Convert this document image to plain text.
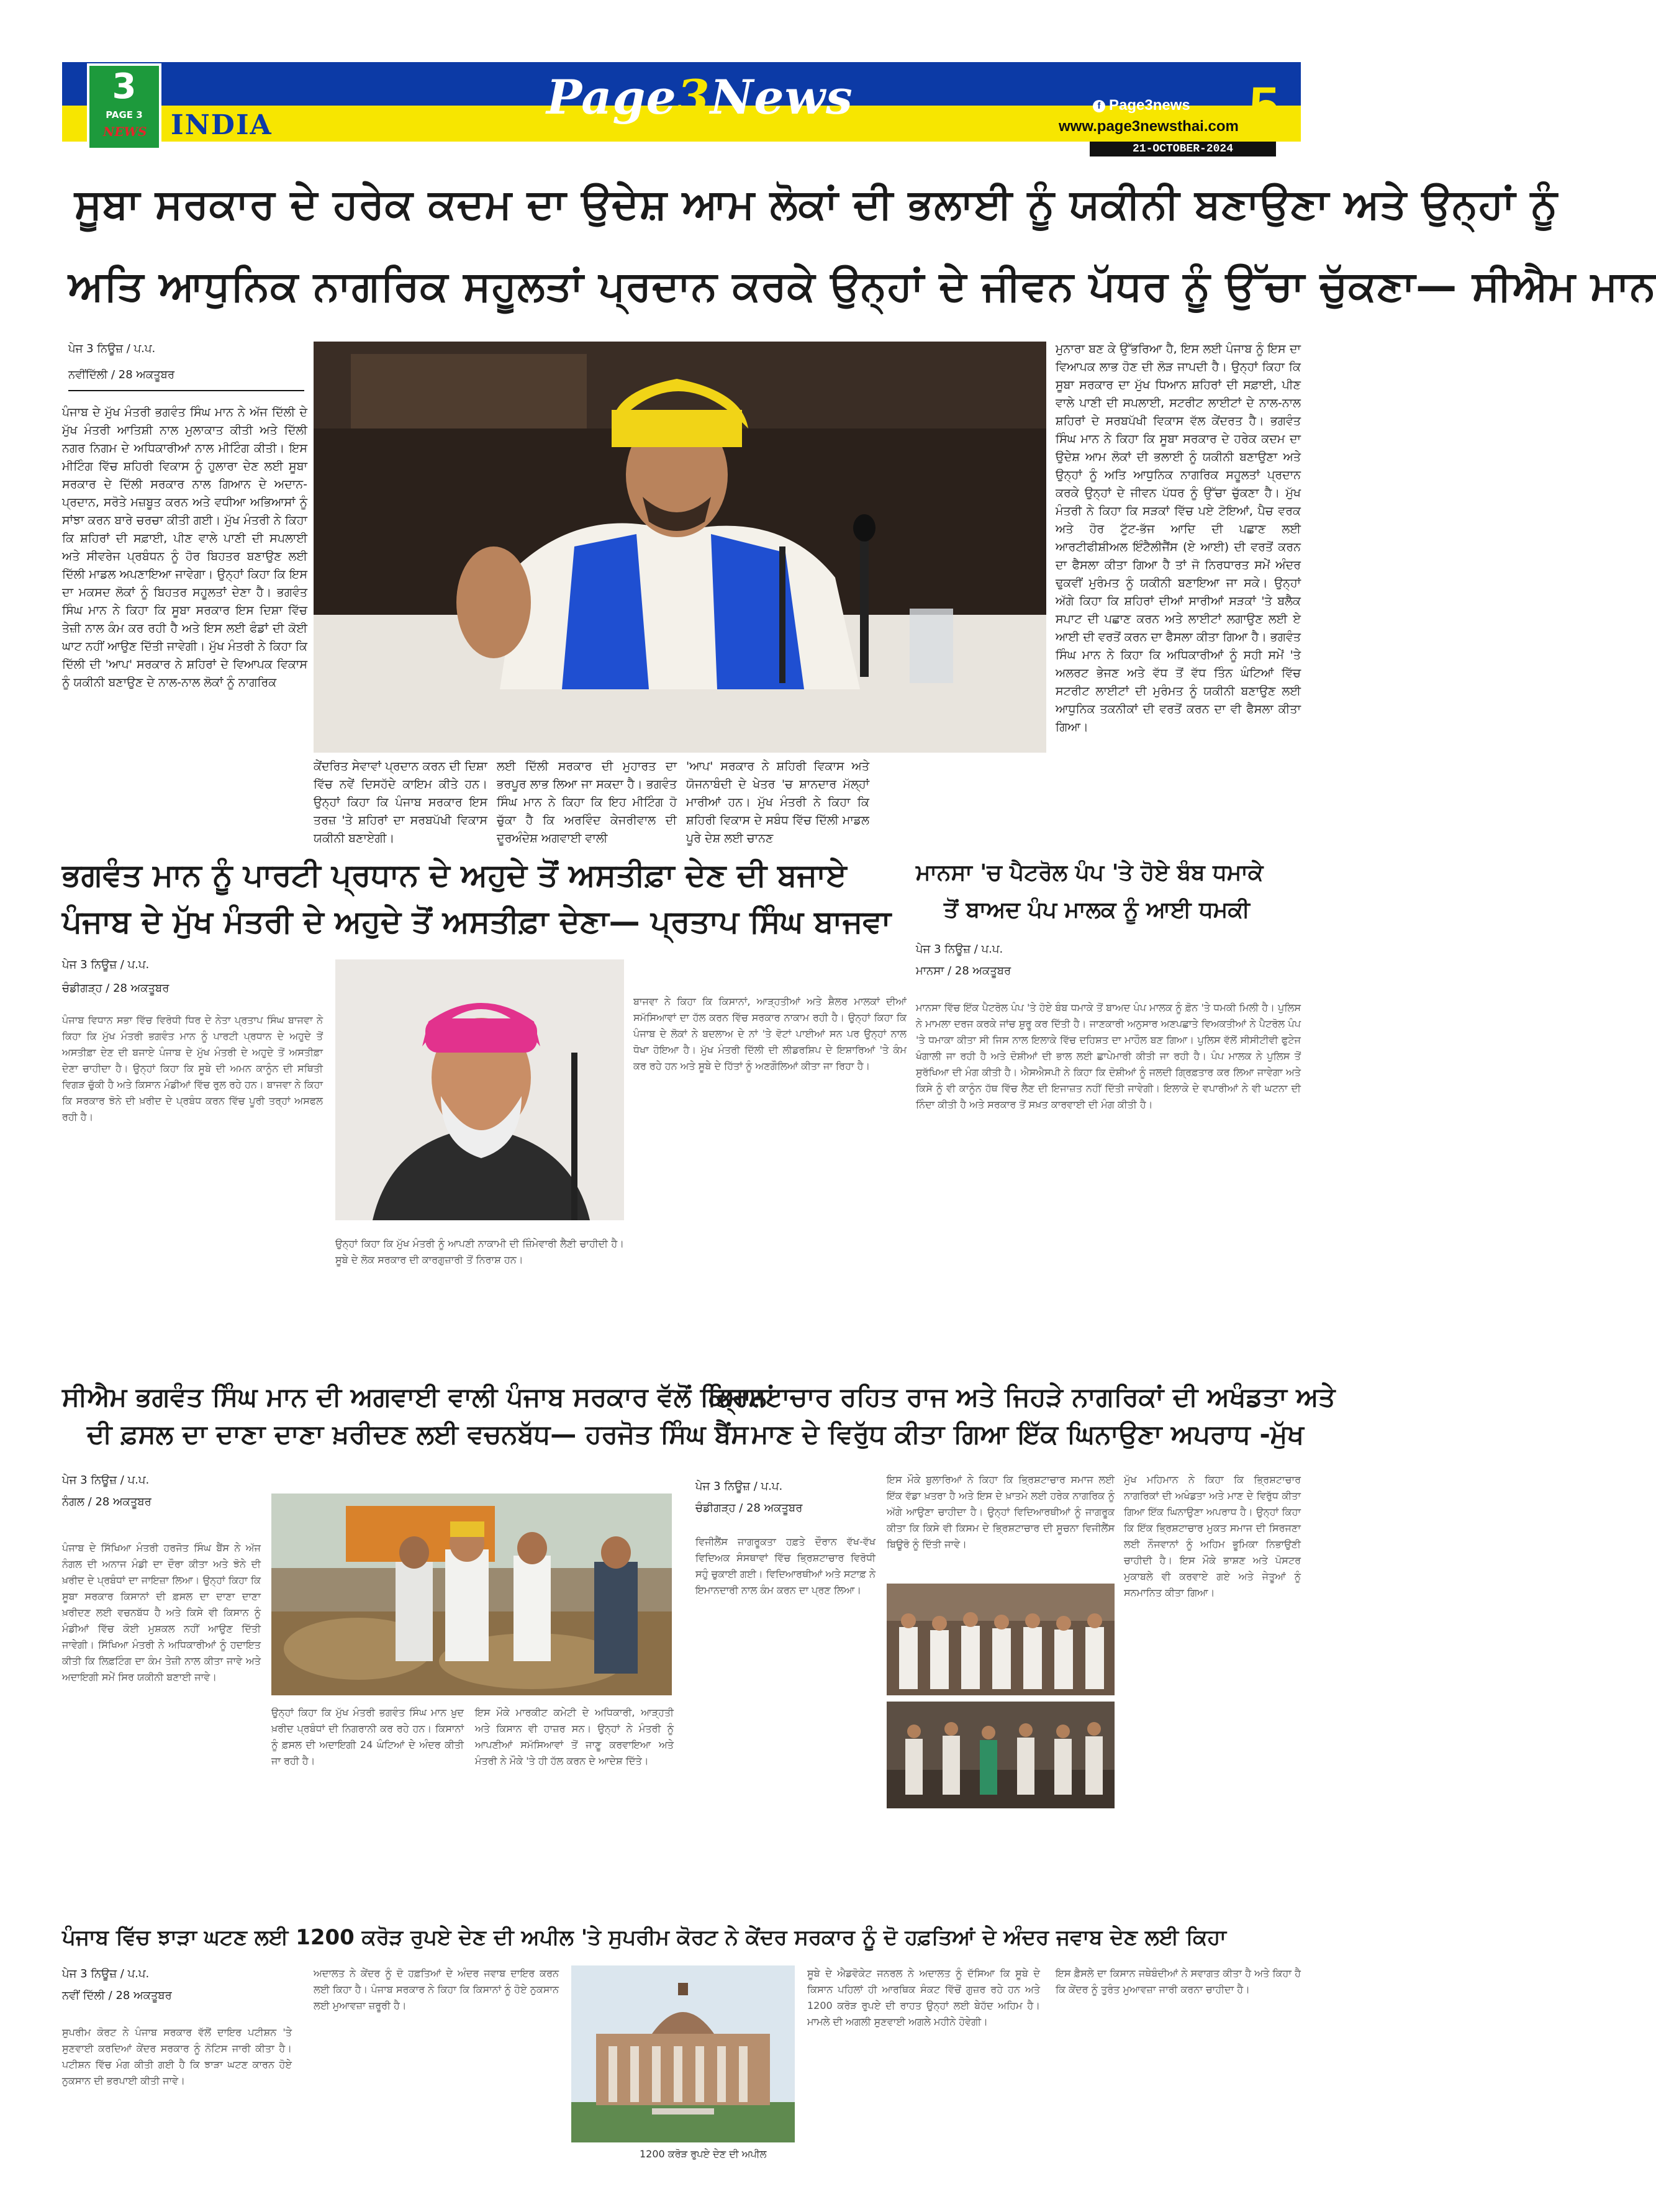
3
PAGE 3
NEWS INDIA
Page3News	f Page3news
www.page3newsthai.com 5
21-OCTOBER-2024
ਸੂਬਾ ਸਰਕਾਰ ਦੇ ਹਰੇਕ ਕਦਮ ਦਾ ਉਦੇਸ਼ ਆਮ ਲੋਕਾਂ ਦੀ ਭਲਾਈ ਨੂੰ ਯਕੀਨੀ ਬਣਾਉਣਾ ਅਤੇ ਉਨ੍ਹਾਂ ਨੂੰ
ਅਤਿ ਆਧੁਨਿਕ ਨਾਗਰਿਕ ਸਹੂਲਤਾਂ ਪ੍ਰਦਾਨ ਕਰਕੇ ਉਨ੍ਹਾਂ ਦੇ ਜੀਵਨ ਪੱਧਰ ਨੂੰ ਉੱਚਾ ਚੁੱਕਣਾ— ਸੀਐਮ ਮਾਨ
ਪੇਜ 3 ਨਿਊਜ਼ / ਪ.ਪ.
ਨਵੀਂਦਿੱਲੀ / 28 ਅਕਤੂਬਰ
ਪੰਜਾਬ ਦੇ ਮੁੱਖ ਮੰਤਰੀ ਭਗਵੰਤ ਸਿੰਘ ਮਾਨ ਨੇ ਅੱਜ ਦਿੱਲੀ ਦੇ ਮੁੱਖ ਮੰਤਰੀ ਆਤਿਸ਼ੀ ਨਾਲ ਮੁਲਾਕਾਤ ਕੀਤੀ ਅਤੇ ਦਿੱਲੀ ਨਗਰ ਨਿਗਮ ਦੇ ਅਧਿਕਾਰੀਆਂ ਨਾਲ ਮੀਟਿੰਗ ਕੀਤੀ। ਇਸ ਮੀਟਿੰਗ ਵਿੱਚ ਸ਼ਹਿਰੀ ਵਿਕਾਸ ਨੂੰ ਹੁਲਾਰਾ ਦੇਣ ਲਈ ਸੂਬਾ ਸਰਕਾਰ ਦੇ ਦਿੱਲੀ ਸਰਕਾਰ ਨਾਲ ਗਿਆਨ ਦੇ ਅਦਾਨ-ਪ੍ਰਦਾਨ, ਸਰੋਤੇ ਮਜ਼ਬੂਤ ਕਰਨ ਅਤੇ ਵਧੀਆ ਅਭਿਆਸਾਂ ਨੂੰ ਸਾਂਝਾ ਕਰਨ ਬਾਰੇ ਚਰਚਾ ਕੀਤੀ ਗਈ। ਮੁੱਖ ਮੰਤਰੀ ਨੇ ਕਿਹਾ ਕਿ ਸ਼ਹਿਰਾਂ ਦੀ ਸਫ਼ਾਈ, ਪੀਣ ਵਾਲੇ ਪਾਣੀ ਦੀ ਸਪਲਾਈ ਅਤੇ ਸੀਵਰੇਜ ਪ੍ਰਬੰਧਨ ਨੂੰ ਹੋਰ ਬਿਹਤਰ ਬਣਾਉਣ ਲਈ ਦਿੱਲੀ ਮਾਡਲ ਅਪਣਾਇਆ ਜਾਵੇਗਾ। ਉਨ੍ਹਾਂ ਕਿਹਾ ਕਿ ਇਸ ਦਾ ਮਕਸਦ ਲੋਕਾਂ ਨੂੰ ਬਿਹਤਰ ਸਹੂਲਤਾਂ ਦੇਣਾ ਹੈ। ਭਗਵੰਤ ਸਿੰਘ ਮਾਨ ਨੇ ਕਿਹਾ ਕਿ ਸੂਬਾ ਸਰਕਾਰ ਇਸ ਦਿਸ਼ਾ ਵਿੱਚ ਤੇਜ਼ੀ ਨਾਲ ਕੰਮ ਕਰ ਰਹੀ ਹੈ ਅਤੇ ਇਸ ਲਈ ਫੰਡਾਂ ਦੀ ਕੋਈ ਘਾਟ ਨਹੀਂ ਆਉਣ ਦਿੱਤੀ ਜਾਵੇਗੀ। ਮੁੱਖ ਮੰਤਰੀ ਨੇ ਕਿਹਾ ਕਿ ਦਿੱਲੀ ਦੀ 'ਆਪ' ਸਰਕਾਰ ਨੇ ਸ਼ਹਿਰਾਂ ਦੇ ਵਿਆਪਕ ਵਿਕਾਸ ਨੂੰ ਯਕੀਨੀ ਬਣਾਉਣ ਦੇ ਨਾਲ-ਨਾਲ ਲੋਕਾਂ ਨੂੰ ਨਾਗਰਿਕ
ਕੇਂਦਰਿਤ ਸੇਵਾਵਾਂ ਪ੍ਰਦਾਨ ਕਰਨ ਦੀ ਦਿਸ਼ਾ ਵਿੱਚ ਨਵੇਂ ਦਿਸਹੱਦੇ ਕਾਇਮ ਕੀਤੇ ਹਨ। ਉਨ੍ਹਾਂ ਕਿਹਾ ਕਿ ਪੰਜਾਬ ਸਰਕਾਰ ਇਸ ਤਰਜ਼ 'ਤੇ ਸ਼ਹਿਰਾਂ ਦਾ ਸਰਬਪੱਖੀ ਵਿਕਾਸ ਯਕੀਨੀ ਬਣਾਏਗੀ।
ਲਈ ਦਿੱਲੀ ਸਰਕਾਰ ਦੀ ਮੁਹਾਰਤ ਦਾ ਭਰਪੂਰ ਲਾਭ ਲਿਆ ਜਾ ਸਕਦਾ ਹੈ। ਭਗਵੰਤ ਸਿੰਘ ਮਾਨ ਨੇ ਕਿਹਾ ਕਿ ਇਹ ਮੀਟਿੰਗ ਹੋ ਚੁੱਕਾ ਹੈ ਕਿ ਅਰਵਿੰਦ ਕੇਜਰੀਵਾਲ ਦੀ ਦੂਰਅੰਦੇਸ਼ ਅਗਵਾਈ ਵਾਲੀ
'ਆਪ' ਸਰਕਾਰ ਨੇ ਸ਼ਹਿਰੀ ਵਿਕਾਸ ਅਤੇ ਯੋਜਨਾਬੰਦੀ ਦੇ ਖੇਤਰ 'ਚ ਸ਼ਾਨਦਾਰ ਮੱਲ੍ਹਾਂ ਮਾਰੀਆਂ ਹਨ। ਮੁੱਖ ਮੰਤਰੀ ਨੇ ਕਿਹਾ ਕਿ ਸ਼ਹਿਰੀ ਵਿਕਾਸ ਦੇ ਸਬੰਧ ਵਿੱਚ ਦਿੱਲੀ ਮਾਡਲ ਪੂਰੇ ਦੇਸ਼ ਲਈ ਚਾਨਣ
ਮੁਨਾਰਾ ਬਣ ਕੇ ਉੱਭਰਿਆ ਹੈ, ਇਸ ਲਈ ਪੰਜਾਬ ਨੂੰ ਇਸ ਦਾ ਵਿਆਪਕ ਲਾਭ ਹੋਣ ਦੀ ਲੋੜ ਜਾਪਦੀ ਹੈ। ਉਨ੍ਹਾਂ ਕਿਹਾ ਕਿ ਸੂਬਾ ਸਰਕਾਰ ਦਾ ਮੁੱਖ ਧਿਆਨ ਸ਼ਹਿਰਾਂ ਦੀ ਸਫ਼ਾਈ, ਪੀਣ ਵਾਲੇ ਪਾਣੀ ਦੀ ਸਪਲਾਈ, ਸਟਰੀਟ ਲਾਈਟਾਂ ਦੇ ਨਾਲ-ਨਾਲ ਸ਼ਹਿਰਾਂ ਦੇ ਸਰਬਪੱਖੀ ਵਿਕਾਸ ਵੱਲ ਕੇਂਦਰਤ ਹੈ। ਭਗਵੰਤ ਸਿੰਘ ਮਾਨ ਨੇ ਕਿਹਾ ਕਿ ਸੂਬਾ ਸਰਕਾਰ ਦੇ ਹਰੇਕ ਕਦਮ ਦਾ ਉਦੇਸ਼ ਆਮ ਲੋਕਾਂ ਦੀ ਭਲਾਈ ਨੂੰ ਯਕੀਨੀ ਬਣਾਉਣਾ ਅਤੇ ਉਨ੍ਹਾਂ ਨੂੰ ਅਤਿ ਆਧੁਨਿਕ ਨਾਗਰਿਕ ਸਹੂਲਤਾਂ ਪ੍ਰਦਾਨ ਕਰਕੇ ਉਨ੍ਹਾਂ ਦੇ ਜੀਵਨ ਪੱਧਰ ਨੂੰ ਉੱਚਾ ਚੁੱਕਣਾ ਹੈ। ਮੁੱਖ ਮੰਤਰੀ ਨੇ ਕਿਹਾ ਕਿ ਸੜਕਾਂ ਵਿੱਚ ਪਏ ਟੋਇਆਂ, ਪੈਚ ਵਰਕ ਅਤੇ ਹੋਰ ਟੁੱਟ-ਭੱਜ ਆਦਿ ਦੀ ਪਛਾਣ ਲਈ ਆਰਟੀਫੀਸ਼ੀਅਲ ਇੰਟੈਲੀਜੈਂਸ (ਏ ਆਈ) ਦੀ ਵਰਤੋਂ ਕਰਨ ਦਾ ਫੈਸਲਾ ਕੀਤਾ ਗਿਆ ਹੈ ਤਾਂ ਜੋ ਨਿਰਧਾਰਤ ਸਮੇਂ ਅੰਦਰ ਢੁਕਵੀਂ ਮੁਰੰਮਤ ਨੂੰ ਯਕੀਨੀ ਬਣਾਇਆ ਜਾ ਸਕੇ। ਉਨ੍ਹਾਂ ਅੱਗੇ ਕਿਹਾ ਕਿ ਸ਼ਹਿਰਾਂ ਦੀਆਂ ਸਾਰੀਆਂ ਸੜਕਾਂ 'ਤੇ ਬਲੈਕ ਸਪਾਟ ਦੀ ਪਛਾਣ ਕਰਨ ਅਤੇ ਲਾਈਟਾਂ ਲਗਾਉਣ ਲਈ ਏ ਆਈ ਦੀ ਵਰਤੋਂ ਕਰਨ ਦਾ ਫੈਸਲਾ ਕੀਤਾ ਗਿਆ ਹੈ। ਭਗਵੰਤ ਸਿੰਘ ਮਾਨ ਨੇ ਕਿਹਾ ਕਿ ਅਧਿਕਾਰੀਆਂ ਨੂੰ ਸਹੀ ਸਮੇਂ 'ਤੇ ਅਲਰਟ ਭੇਜਣ ਅਤੇ ਵੱਧ ਤੋਂ ਵੱਧ ਤਿੰਨ ਘੰਟਿਆਂ ਵਿੱਚ ਸਟਰੀਟ ਲਾਈਟਾਂ ਦੀ ਮੁਰੰਮਤ ਨੂੰ ਯਕੀਨੀ ਬਣਾਉਣ ਲਈ ਆਧੁਨਿਕ ਤਕਨੀਕਾਂ ਦੀ ਵਰਤੋਂ ਕਰਨ ਦਾ ਵੀ ਫੈਸਲਾ ਕੀਤਾ ਗਿਆ।
ਭਗਵੰਤ ਮਾਨ ਨੂੰ ਪਾਰਟੀ ਪ੍ਰਧਾਨ ਦੇ ਅਹੁਦੇ ਤੋਂ ਅਸਤੀਫ਼ਾ ਦੇਣ ਦੀ ਬਜਾਏ
ਪੰਜਾਬ ਦੇ ਮੁੱਖ ਮੰਤਰੀ ਦੇ ਅਹੁਦੇ ਤੋਂ ਅਸਤੀਫ਼ਾ ਦੇਣਾ— ਪ੍ਰਤਾਪ ਸਿੰਘ ਬਾਜਵਾ
ਪੇਜ 3 ਨਿਊਜ਼ / ਪ.ਪ.
ਚੰਡੀਗੜ੍ਹ / 28 ਅਕਤੂਬਰ
ਪੰਜਾਬ ਵਿਧਾਨ ਸਭਾ ਵਿੱਚ ਵਿਰੋਧੀ ਧਿਰ ਦੇ ਨੇਤਾ ਪ੍ਰਤਾਪ ਸਿੰਘ ਬਾਜਵਾ ਨੇ ਕਿਹਾ ਕਿ ਮੁੱਖ ਮੰਤਰੀ ਭਗਵੰਤ ਮਾਨ ਨੂੰ ਪਾਰਟੀ ਪ੍ਰਧਾਨ ਦੇ ਅਹੁਦੇ ਤੋਂ ਅਸਤੀਫ਼ਾ ਦੇਣ ਦੀ ਬਜਾਏ ਪੰਜਾਬ ਦੇ ਮੁੱਖ ਮੰਤਰੀ ਦੇ ਅਹੁਦੇ ਤੋਂ ਅਸਤੀਫ਼ਾ ਦੇਣਾ ਚਾਹੀਦਾ ਹੈ। ਉਨ੍ਹਾਂ ਕਿਹਾ ਕਿ ਸੂਬੇ ਦੀ ਅਮਨ ਕਾਨੂੰਨ ਦੀ ਸਥਿਤੀ ਵਿਗੜ ਚੁੱਕੀ ਹੈ ਅਤੇ ਕਿਸਾਨ ਮੰਡੀਆਂ ਵਿੱਚ ਰੁਲ ਰਹੇ ਹਨ। ਬਾਜਵਾ ਨੇ ਕਿਹਾ ਕਿ ਸਰਕਾਰ ਝੋਨੇ ਦੀ ਖ਼ਰੀਦ ਦੇ ਪ੍ਰਬੰਧ ਕਰਨ ਵਿੱਚ ਪੂਰੀ ਤਰ੍ਹਾਂ ਅਸਫਲ ਰਹੀ ਹੈ।
ਉਨ੍ਹਾਂ ਕਿਹਾ ਕਿ ਮੁੱਖ ਮੰਤਰੀ ਨੂੰ ਆਪਣੀ ਨਾਕਾਮੀ ਦੀ ਜ਼ਿੰਮੇਵਾਰੀ ਲੈਣੀ ਚਾਹੀਦੀ ਹੈ। ਸੂਬੇ ਦੇ ਲੋਕ ਸਰਕਾਰ ਦੀ ਕਾਰਗੁਜ਼ਾਰੀ ਤੋਂ ਨਿਰਾਸ਼ ਹਨ।
ਬਾਜਵਾ ਨੇ ਕਿਹਾ ਕਿ ਕਿਸਾਨਾਂ, ਆੜ੍ਹਤੀਆਂ ਅਤੇ ਸ਼ੈਲਰ ਮਾਲਕਾਂ ਦੀਆਂ ਸਮੱਸਿਆਵਾਂ ਦਾ ਹੱਲ ਕਰਨ ਵਿੱਚ ਸਰਕਾਰ ਨਾਕਾਮ ਰਹੀ ਹੈ। ਉਨ੍ਹਾਂ ਕਿਹਾ ਕਿ ਪੰਜਾਬ ਦੇ ਲੋਕਾਂ ਨੇ ਬਦਲਾਅ ਦੇ ਨਾਂ 'ਤੇ ਵੋਟਾਂ ਪਾਈਆਂ ਸਨ ਪਰ ਉਨ੍ਹਾਂ ਨਾਲ ਧੋਖਾ ਹੋਇਆ ਹੈ। ਮੁੱਖ ਮੰਤਰੀ ਦਿੱਲੀ ਦੀ ਲੀਡਰਸ਼ਿਪ ਦੇ ਇਸ਼ਾਰਿਆਂ 'ਤੇ ਕੰਮ ਕਰ ਰਹੇ ਹਨ ਅਤੇ ਸੂਬੇ ਦੇ ਹਿੱਤਾਂ ਨੂੰ ਅਣਗੌਲਿਆਂ ਕੀਤਾ ਜਾ ਰਿਹਾ ਹੈ।
ਮਾਨਸਾ 'ਚ ਪੈਟਰੋਲ ਪੰਪ 'ਤੇ ਹੋਏ ਬੰਬ ਧਮਾਕੇ
ਤੋਂ ਬਾਅਦ ਪੰਪ ਮਾਲਕ ਨੂੰ ਆਈ ਧਮਕੀ
ਪੇਜ 3 ਨਿਊਜ਼ / ਪ.ਪ.
ਮਾਨਸਾ / 28 ਅਕਤੂਬਰ
ਮਾਨਸਾ ਵਿੱਚ ਇੱਕ ਪੈਟਰੋਲ ਪੰਪ 'ਤੇ ਹੋਏ ਬੰਬ ਧਮਾਕੇ ਤੋਂ ਬਾਅਦ ਪੰਪ ਮਾਲਕ ਨੂੰ ਫ਼ੋਨ 'ਤੇ ਧਮਕੀ ਮਿਲੀ ਹੈ। ਪੁਲਿਸ ਨੇ ਮਾਮਲਾ ਦਰਜ ਕਰਕੇ ਜਾਂਚ ਸ਼ੁਰੂ ਕਰ ਦਿੱਤੀ ਹੈ। ਜਾਣਕਾਰੀ ਅਨੁਸਾਰ ਅਣਪਛਾਤੇ ਵਿਅਕਤੀਆਂ ਨੇ ਪੈਟਰੋਲ ਪੰਪ 'ਤੇ ਧਮਾਕਾ ਕੀਤਾ ਸੀ ਜਿਸ ਨਾਲ ਇਲਾਕੇ ਵਿੱਚ ਦਹਿਸ਼ਤ ਦਾ ਮਾਹੌਲ ਬਣ ਗਿਆ। ਪੁਲਿਸ ਵੱਲੋਂ ਸੀਸੀਟੀਵੀ ਫੁਟੇਜ ਖੰਗਾਲੀ ਜਾ ਰਹੀ ਹੈ ਅਤੇ ਦੋਸ਼ੀਆਂ ਦੀ ਭਾਲ ਲਈ ਛਾਪੇਮਾਰੀ ਕੀਤੀ ਜਾ ਰਹੀ ਹੈ। ਪੰਪ ਮਾਲਕ ਨੇ ਪੁਲਿਸ ਤੋਂ ਸੁਰੱਖਿਆ ਦੀ ਮੰਗ ਕੀਤੀ ਹੈ। ਐਸਐਸਪੀ ਨੇ ਕਿਹਾ ਕਿ ਦੋਸ਼ੀਆਂ ਨੂੰ ਜਲਦੀ ਗ੍ਰਿਫ਼ਤਾਰ ਕਰ ਲਿਆ ਜਾਵੇਗਾ ਅਤੇ ਕਿਸੇ ਨੂੰ ਵੀ ਕਾਨੂੰਨ ਹੱਥ ਵਿੱਚ ਲੈਣ ਦੀ ਇਜਾਜ਼ਤ ਨਹੀਂ ਦਿੱਤੀ ਜਾਵੇਗੀ। ਇਲਾਕੇ ਦੇ ਵਪਾਰੀਆਂ ਨੇ ਵੀ ਘਟਨਾ ਦੀ ਨਿੰਦਾ ਕੀਤੀ ਹੈ ਅਤੇ ਸਰਕਾਰ ਤੋਂ ਸਖ਼ਤ ਕਾਰਵਾਈ ਦੀ ਮੰਗ ਕੀਤੀ ਹੈ।
ਸੀਐਮ ਭਗਵੰਤ ਸਿੰਘ ਮਾਨ ਦੀ ਅਗਵਾਈ ਵਾਲੀ ਪੰਜਾਬ ਸਰਕਾਰ ਵੱਲੋਂ ਕਿਸਾਨਾਂ
ਦੀ ਫ਼ਸਲ ਦਾ ਦਾਣਾ ਦਾਣਾ ਖ਼ਰੀਦਣ ਲਈ ਵਚਨਬੱਧ— ਹਰਜੋਤ ਸਿੰਘ ਬੈਂਸ
ਪੇਜ 3 ਨਿਊਜ਼ / ਪ.ਪ.
ਨੰਗਲ / 28 ਅਕਤੂਬਰ
ਪੰਜਾਬ ਦੇ ਸਿੱਖਿਆ ਮੰਤਰੀ ਹਰਜੋਤ ਸਿੰਘ ਬੈਂਸ ਨੇ ਅੱਜ ਨੰਗਲ ਦੀ ਅਨਾਜ ਮੰਡੀ ਦਾ ਦੌਰਾ ਕੀਤਾ ਅਤੇ ਝੋਨੇ ਦੀ ਖ਼ਰੀਦ ਦੇ ਪ੍ਰਬੰਧਾਂ ਦਾ ਜਾਇਜ਼ਾ ਲਿਆ। ਉਨ੍ਹਾਂ ਕਿਹਾ ਕਿ ਸੂਬਾ ਸਰਕਾਰ ਕਿਸਾਨਾਂ ਦੀ ਫ਼ਸਲ ਦਾ ਦਾਣਾ ਦਾਣਾ ਖ਼ਰੀਦਣ ਲਈ ਵਚਨਬੱਧ ਹੈ ਅਤੇ ਕਿਸੇ ਵੀ ਕਿਸਾਨ ਨੂੰ ਮੰਡੀਆਂ ਵਿੱਚ ਕੋਈ ਮੁਸ਼ਕਲ ਨਹੀਂ ਆਉਣ ਦਿੱਤੀ ਜਾਵੇਗੀ। ਸਿੱਖਿਆ ਮੰਤਰੀ ਨੇ ਅਧਿਕਾਰੀਆਂ ਨੂੰ ਹਦਾਇਤ ਕੀਤੀ ਕਿ ਲਿਫ਼ਟਿੰਗ ਦਾ ਕੰਮ ਤੇਜ਼ੀ ਨਾਲ ਕੀਤਾ ਜਾਵੇ ਅਤੇ ਅਦਾਇਗੀ ਸਮੇਂ ਸਿਰ ਯਕੀਨੀ ਬਣਾਈ ਜਾਵੇ।
ਉਨ੍ਹਾਂ ਕਿਹਾ ਕਿ ਮੁੱਖ ਮੰਤਰੀ ਭਗਵੰਤ ਸਿੰਘ ਮਾਨ ਖ਼ੁਦ ਖ਼ਰੀਦ ਪ੍ਰਬੰਧਾਂ ਦੀ ਨਿਗਰਾਨੀ ਕਰ ਰਹੇ ਹਨ। ਕਿਸਾਨਾਂ ਨੂੰ ਫ਼ਸਲ ਦੀ ਅਦਾਇਗੀ 24 ਘੰਟਿਆਂ ਦੇ ਅੰਦਰ ਕੀਤੀ ਜਾ ਰਹੀ ਹੈ।
ਇਸ ਮੌਕੇ ਮਾਰਕੀਟ ਕਮੇਟੀ ਦੇ ਅਧਿਕਾਰੀ, ਆੜ੍ਹਤੀ ਅਤੇ ਕਿਸਾਨ ਵੀ ਹਾਜ਼ਰ ਸਨ। ਉਨ੍ਹਾਂ ਨੇ ਮੰਤਰੀ ਨੂੰ ਆਪਣੀਆਂ ਸਮੱਸਿਆਵਾਂ ਤੋਂ ਜਾਣੂ ਕਰਵਾਇਆ ਅਤੇ ਮੰਤਰੀ ਨੇ ਮੌਕੇ 'ਤੇ ਹੀ ਹੱਲ ਕਰਨ ਦੇ ਆਦੇਸ਼ ਦਿੱਤੇ।
ਭ੍ਰਿਸ਼ਟਾਚਾਰ ਰਹਿਤ ਰਾਜ ਅਤੇ ਜਿਹੜੇ ਨਾਗਰਿਕਾਂ ਦੀ ਅਖੰਡਤਾ ਅਤੇ
ਮਾਣ ਦੇ ਵਿਰੁੱਧ ਕੀਤਾ ਗਿਆ ਇੱਕ ਘਿਨਾਉਣਾ ਅਪਰਾਧ -ਮੁੱਖ
ਪੇਜ 3 ਨਿਊਜ਼ / ਪ.ਪ.
ਚੰਡੀਗੜ੍ਹ / 28 ਅਕਤੂਬਰ
ਵਿਜੀਲੈਂਸ ਜਾਗਰੂਕਤਾ ਹਫ਼ਤੇ ਦੌਰਾਨ ਵੱਖ-ਵੱਖ ਵਿਦਿਅਕ ਸੰਸਥਾਵਾਂ ਵਿੱਚ ਭ੍ਰਿਸ਼ਟਾਚਾਰ ਵਿਰੋਧੀ ਸਹੁੰ ਚੁਕਾਈ ਗਈ। ਵਿਦਿਆਰਥੀਆਂ ਅਤੇ ਸਟਾਫ਼ ਨੇ ਇਮਾਨਦਾਰੀ ਨਾਲ ਕੰਮ ਕਰਨ ਦਾ ਪ੍ਰਣ ਲਿਆ।
ਇਸ ਮੌਕੇ ਬੁਲਾਰਿਆਂ ਨੇ ਕਿਹਾ ਕਿ ਭ੍ਰਿਸ਼ਟਾਚਾਰ ਸਮਾਜ ਲਈ ਇੱਕ ਵੱਡਾ ਖ਼ਤਰਾ ਹੈ ਅਤੇ ਇਸ ਦੇ ਖ਼ਾਤਮੇ ਲਈ ਹਰੇਕ ਨਾਗਰਿਕ ਨੂੰ ਅੱਗੇ ਆਉਣਾ ਚਾਹੀਦਾ ਹੈ। ਉਨ੍ਹਾਂ ਵਿਦਿਆਰਥੀਆਂ ਨੂੰ ਜਾਗਰੂਕ ਕੀਤਾ ਕਿ ਕਿਸੇ ਵੀ ਕਿਸਮ ਦੇ ਭ੍ਰਿਸ਼ਟਾਚਾਰ ਦੀ ਸੂਚਨਾ ਵਿਜੀਲੈਂਸ ਬਿਊਰੋ ਨੂੰ ਦਿੱਤੀ ਜਾਵੇ।
ਮੁੱਖ ਮਹਿਮਾਨ ਨੇ ਕਿਹਾ ਕਿ ਭ੍ਰਿਸ਼ਟਾਚਾਰ ਨਾਗਰਿਕਾਂ ਦੀ ਅਖੰਡਤਾ ਅਤੇ ਮਾਣ ਦੇ ਵਿਰੁੱਧ ਕੀਤਾ ਗਿਆ ਇੱਕ ਘਿਨਾਉਣਾ ਅਪਰਾਧ ਹੈ। ਉਨ੍ਹਾਂ ਕਿਹਾ ਕਿ ਇੱਕ ਭ੍ਰਿਸ਼ਟਾਚਾਰ ਮੁਕਤ ਸਮਾਜ ਦੀ ਸਿਰਜਣਾ ਲਈ ਨੌਜਵਾਨਾਂ ਨੂੰ ਅਹਿਮ ਭੂਮਿਕਾ ਨਿਭਾਉਣੀ ਚਾਹੀਦੀ ਹੈ। ਇਸ ਮੌਕੇ ਭਾਸ਼ਣ ਅਤੇ ਪੋਸਟਰ ਮੁਕਾਬਲੇ ਵੀ ਕਰਵਾਏ ਗਏ ਅਤੇ ਜੇਤੂਆਂ ਨੂੰ ਸਨਮਾਨਿਤ ਕੀਤਾ ਗਿਆ।
ਪੰਜਾਬ ਵਿੱਚ ਝਾੜਾ ਘਟਣ ਲਈ 1200 ਕਰੋੜ ਰੁਪਏ ਦੇਣ ਦੀ ਅਪੀਲ 'ਤੇ ਸੁਪਰੀਮ ਕੋਰਟ ਨੇ ਕੇਂਦਰ ਸਰਕਾਰ ਨੂੰ ਦੋ ਹਫ਼ਤਿਆਂ ਦੇ ਅੰਦਰ ਜਵਾਬ ਦੇਣ ਲਈ ਕਿਹਾ
ਪੇਜ 3 ਨਿਊਜ਼ / ਪ.ਪ.
ਨਵੀਂ ਦਿੱਲੀ / 28 ਅਕਤੂਬਰ
ਸੁਪਰੀਮ ਕੋਰਟ ਨੇ ਪੰਜਾਬ ਸਰਕਾਰ ਵੱਲੋਂ ਦਾਇਰ ਪਟੀਸ਼ਨ 'ਤੇ ਸੁਣਵਾਈ ਕਰਦਿਆਂ ਕੇਂਦਰ ਸਰਕਾਰ ਨੂੰ ਨੋਟਿਸ ਜਾਰੀ ਕੀਤਾ ਹੈ। ਪਟੀਸ਼ਨ ਵਿੱਚ ਮੰਗ ਕੀਤੀ ਗਈ ਹੈ ਕਿ ਝਾੜਾ ਘਟਣ ਕਾਰਨ ਹੋਏ ਨੁਕਸਾਨ ਦੀ ਭਰਪਾਈ ਕੀਤੀ ਜਾਵੇ।
ਅਦਾਲਤ ਨੇ ਕੇਂਦਰ ਨੂੰ ਦੋ ਹਫ਼ਤਿਆਂ ਦੇ ਅੰਦਰ ਜਵਾਬ ਦਾਇਰ ਕਰਨ ਲਈ ਕਿਹਾ ਹੈ। ਪੰਜਾਬ ਸਰਕਾਰ ਨੇ ਕਿਹਾ ਕਿ ਕਿਸਾਨਾਂ ਨੂੰ ਹੋਏ ਨੁਕਸਾਨ ਲਈ ਮੁਆਵਜ਼ਾ ਜ਼ਰੂਰੀ ਹੈ।
1200 ਕਰੋੜ ਰੁਪਏ ਦੇਣ ਦੀ ਅਪੀਲ
ਸੂਬੇ ਦੇ ਐਡਵੋਕੇਟ ਜਨਰਲ ਨੇ ਅਦਾਲਤ ਨੂੰ ਦੱਸਿਆ ਕਿ ਸੂਬੇ ਦੇ ਕਿਸਾਨ ਪਹਿਲਾਂ ਹੀ ਆਰਥਿਕ ਸੰਕਟ ਵਿੱਚੋਂ ਗੁਜ਼ਰ ਰਹੇ ਹਨ ਅਤੇ 1200 ਕਰੋੜ ਰੁਪਏ ਦੀ ਰਾਹਤ ਉਨ੍ਹਾਂ ਲਈ ਬੇਹੱਦ ਅਹਿਮ ਹੈ। ਮਾਮਲੇ ਦੀ ਅਗਲੀ ਸੁਣਵਾਈ ਅਗਲੇ ਮਹੀਨੇ ਹੋਵੇਗੀ।
ਇਸ ਫ਼ੈਸਲੇ ਦਾ ਕਿਸਾਨ ਜਥੇਬੰਦੀਆਂ ਨੇ ਸਵਾਗਤ ਕੀਤਾ ਹੈ ਅਤੇ ਕਿਹਾ ਹੈ ਕਿ ਕੇਂਦਰ ਨੂੰ ਤੁਰੰਤ ਮੁਆਵਜ਼ਾ ਜਾਰੀ ਕਰਨਾ ਚਾਹੀਦਾ ਹੈ।
